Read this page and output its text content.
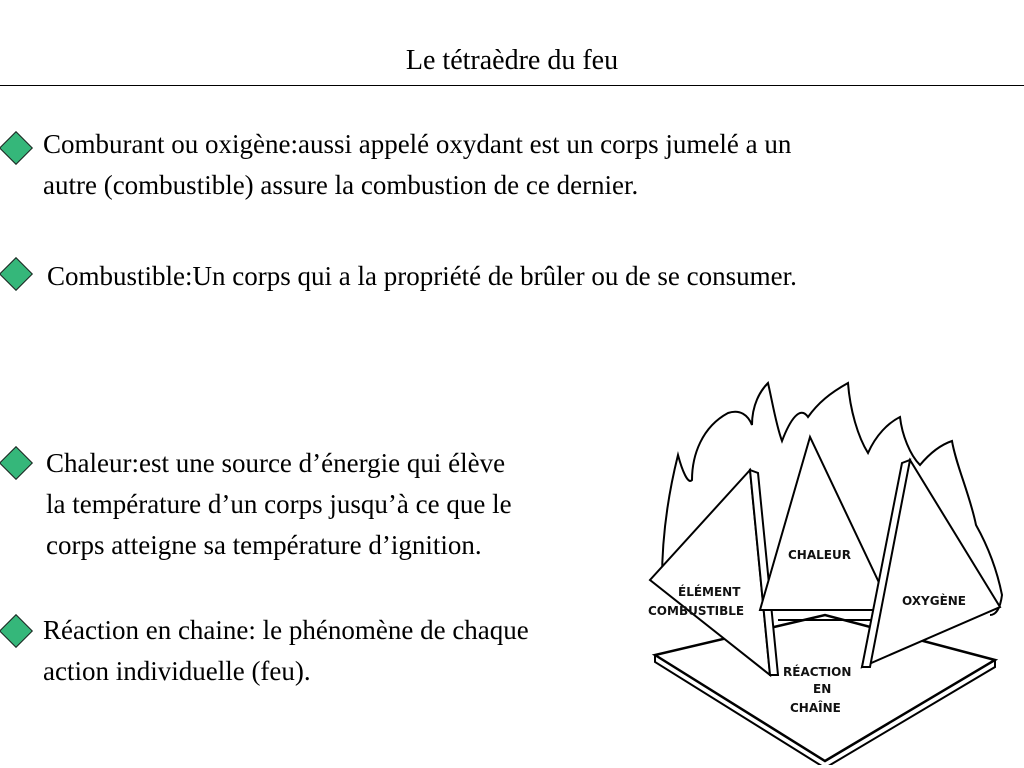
Le tétraèdre du feu
Comburant ou oxigène:aussi appelé oxydant est un corps jumelé a un
autre (combustible) assure la combustion de ce dernier.
Combustible:Un corps qui a la propriété de brûler ou de se consumer.
Chaleur:est une source d’énergie qui élève
la température d’un corps jusqu’à ce que le
corps atteigne sa température d’ignition.
Réaction en chaine: le phénomène de chaque
action individuelle (feu).
ÉLÉMENT
COMBUSTIBLE
CHALEUR
OXYGÈNE
RÉACTION
EN
CHAÎNE
